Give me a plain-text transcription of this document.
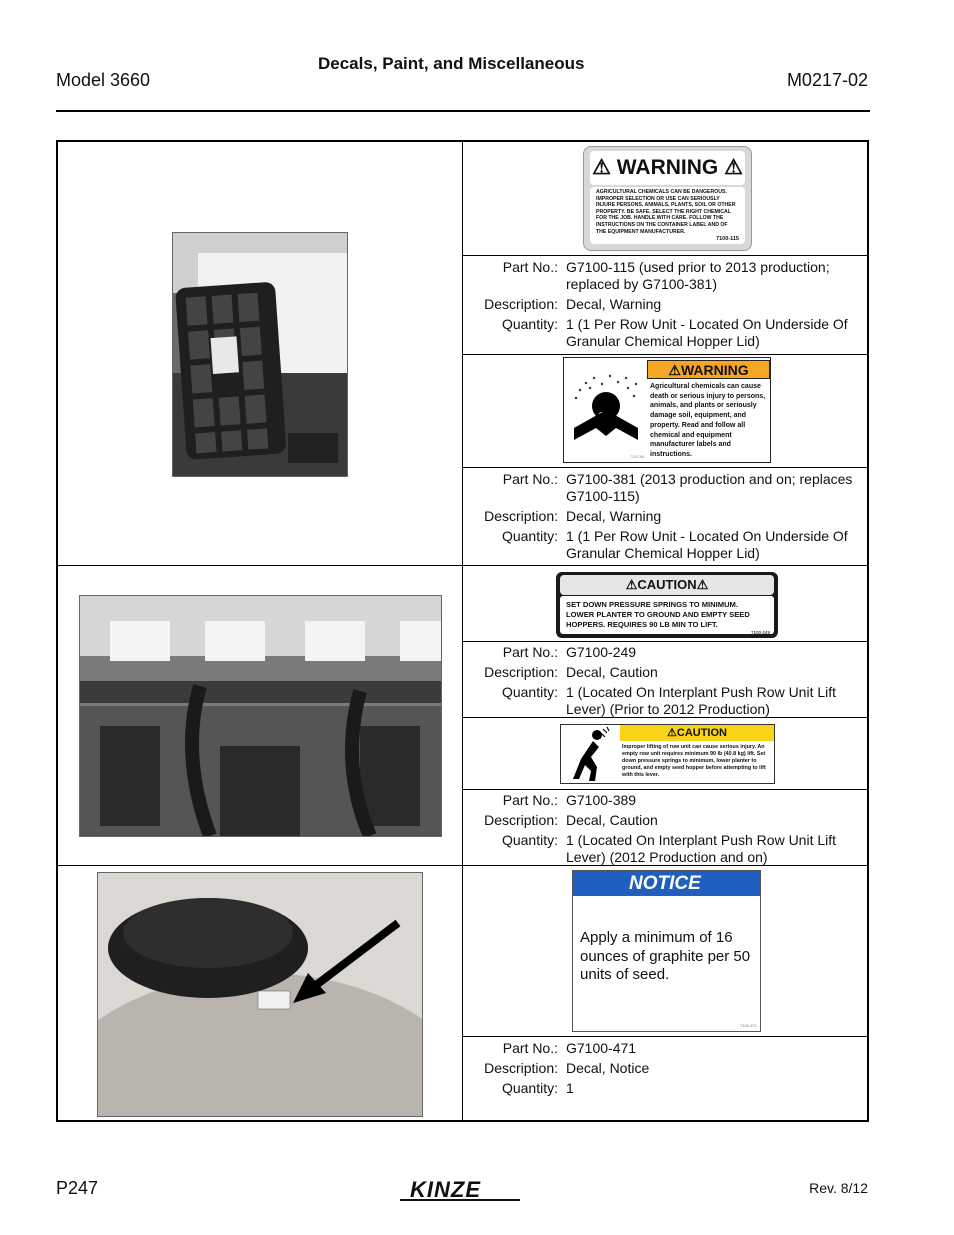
Decals, Paint, and Miscellaneous
Model 3660	M0217-02
⚠ WARNING ⚠
AGRICULTURAL CHEMICALS CAN BE DANGEROUS. IMPROPER SELECTION OR USE CAN SERIOUSLY INJURE PERSONS, ANIMALS, PLANTS, SOIL OR OTHER PROPERTY. BE SAFE. SELECT THE RIGHT CHEMICAL FOR THE JOB. HANDLE WITH CARE. FOLLOW THE INSTRUCTIONS ON THE CONTAINER LABEL AND OF THE EQUIPMENT MANUFACTURER.
7100-115
Part No.: G7100-115 (used prior to 2013 production; replaced by G7100-381)
Description: Decal, Warning
Quantity: 1 (1 Per Row Unit - Located On Underside Of Granular Chemical Hopper Lid)
⚠WARNING
Agricultural chemicals can cause death or serious injury to persons, animals, and plants or seriously damage soil, equipment, and property. Read and follow all chemical and equipment manufacturer labels and instructions.
7100-381
Part No.: G7100-381 (2013 production and on; replaces G7100-115)
Description: Decal, Warning
Quantity: 1 (1 Per Row Unit - Located On Underside Of Granular Chemical Hopper Lid)
⚠CAUTION⚠
SET DOWN PRESSURE SPRINGS TO MINIMUM. LOWER PLANTER TO GROUND AND EMPTY SEED HOPPERS. REQUIRES 90 LB MIN TO LIFT.
7100-249
Part No.: G7100-249
Description: Decal, Caution
Quantity: 1 (Located On Interplant Push Row Unit Lift Lever) (Prior to 2012 Production)
⚠CAUTION
Improper lifting of row unit can cause serious injury. An empty row unit requires minimum 90 lb (40.8 kg) lift. Set down pressure springs to minimum, lower planter to ground, and empty seed hopper before attempting to lift with this lever.
Part No.: G7100-389
Description: Decal, Caution
Quantity: 1 (Located On Interplant Push Row Unit Lift Lever) (2012 Production and on)
NOTICE
Apply a minimum of 16 ounces of graphite per 50 units of seed.
7100-471
Part No.: G7100-471
Description: Decal, Notice
Quantity: 1
P247	KINZE	Rev. 8/12
